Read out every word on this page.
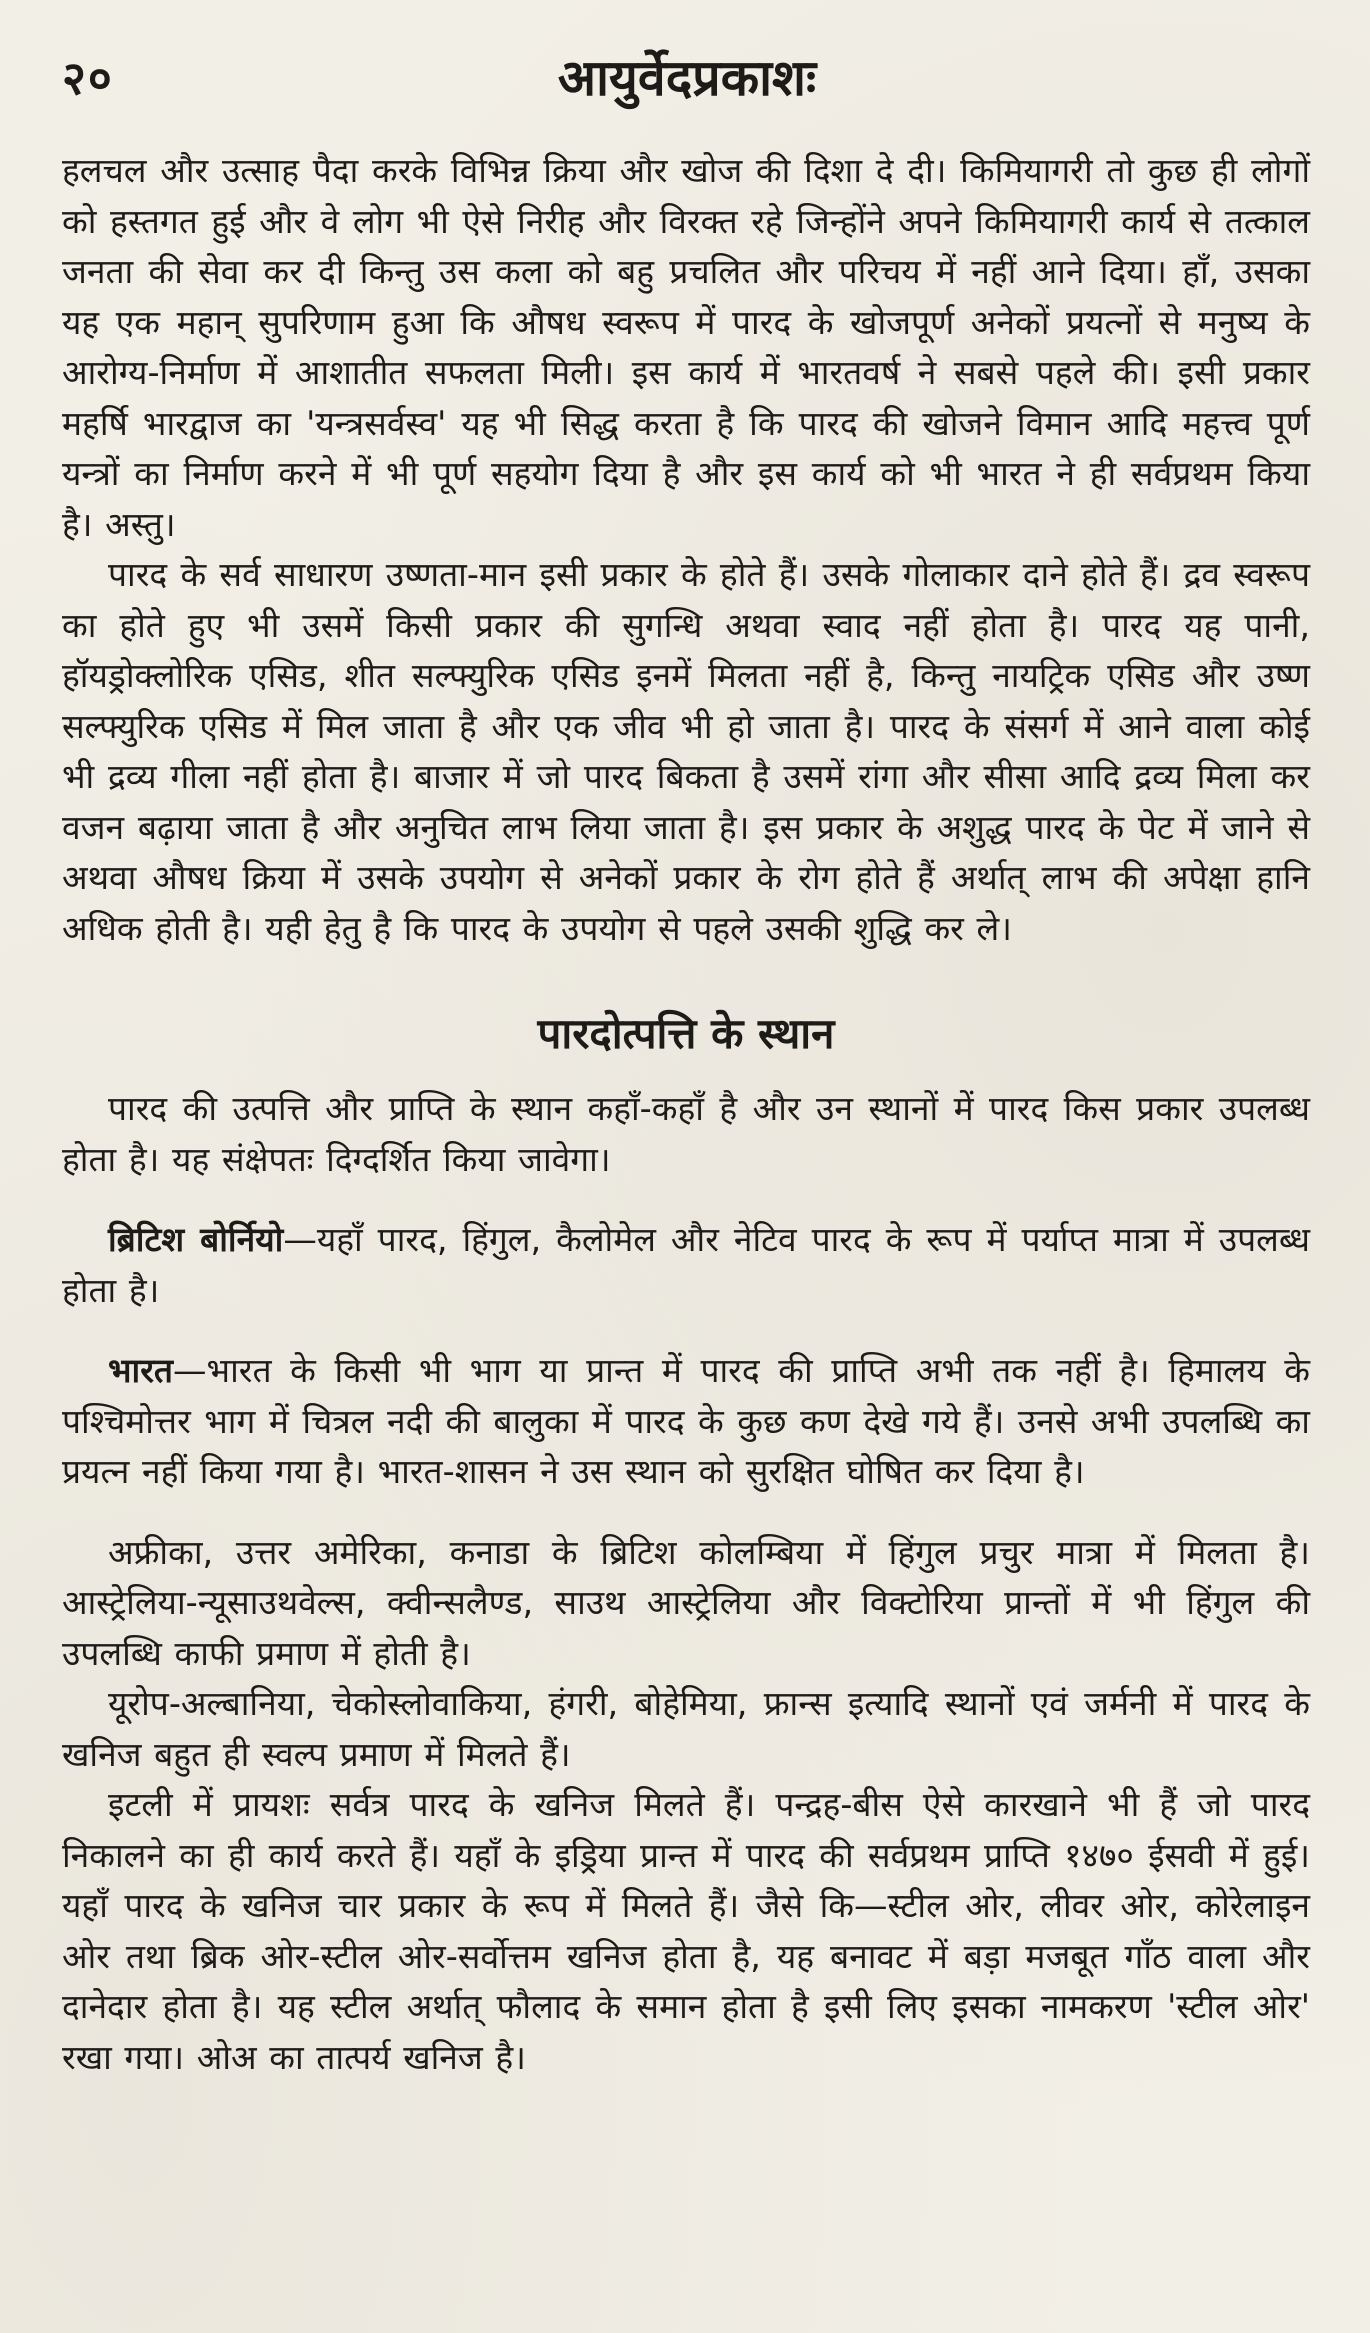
२०	आयुर्वेदप्रकाशः

हलचल और उत्साह पैदा करके विभिन्न क्रिया और खोज की दिशा दे दी। किमियागरी तो कुछ ही लोगों को हस्तगत हुई और वे लोग भी ऐसे निरीह और विरक्त रहे जिन्होंने अपने किमियागरी कार्य से तत्काल जनता की सेवा कर दी किन्तु उस कला को बहु प्रचलित और परिचय में नहीं आने दिया। हाँ, उसका यह एक महान् सुपरिणाम हुआ कि औषध स्वरूप में पारद के खोजपूर्ण अनेकों प्रयत्नों से मनुष्य के आरोग्य-निर्माण में आशातीत सफलता मिली। इस कार्य में भारतवर्ष ने सबसे पहले की। इसी प्रकार महर्षि भारद्वाज का 'यन्त्रसर्वस्व' यह भी सिद्ध करता है कि पारद की खोजने विमान आदि महत्त्व पूर्ण यन्त्रों का निर्माण करने में भी पूर्ण सहयोग दिया है और इस कार्य को भी भारत ने ही सर्वप्रथम किया है। अस्तु।

पारद के सर्व साधारण उष्णता-मान इसी प्रकार के होते हैं। उसके गोलाकार दाने होते हैं। द्रव स्वरूप का होते हुए भी उसमें किसी प्रकार की सुगन्धि अथवा स्वाद नहीं होता है। पारद यह पानी, हॉयड्रोक्लोरिक एसिड, शीत सल्फ्युरिक एसिड इनमें मिलता नहीं है, किन्तु नायट्रिक एसिड और उष्ण सल्फ्युरिक एसिड में मिल जाता है और एक जीव भी हो जाता है। पारद के संसर्ग में आने वाला कोई भी द्रव्य गीला नहीं होता है। बाजार में जो पारद बिकता है उसमें रांगा और सीसा आदि द्रव्य मिला कर वजन बढ़ाया जाता है और अनुचित लाभ लिया जाता है। इस प्रकार के अशुद्ध पारद के पेट में जाने से अथवा औषध क्रिया में उसके उपयोग से अनेकों प्रकार के रोग होते हैं अर्थात् लाभ की अपेक्षा हानि अधिक होती है। यही हेतु है कि पारद के उपयोग से पहले उसकी शुद्धि कर ले।

पारदोत्पत्ति के स्थान

पारद की उत्पत्ति और प्राप्ति के स्थान कहाँ-कहाँ है और उन स्थानों में पारद किस प्रकार उपलब्ध होता है। यह संक्षेपतः दिग्दर्शित किया जावेगा।

ब्रिटिश बोर्नियो—यहाँ पारद, हिंगुल, कैलोमेल और नेटिव पारद के रूप में पर्याप्त मात्रा में उपलब्ध होता है।

भारत—भारत के किसी भी भाग या प्रान्त में पारद की प्राप्ति अभी तक नहीं है। हिमालय के पश्चिमोत्तर भाग में चित्रल नदी की बालुका में पारद के कुछ कण देखे गये हैं। उनसे अभी उपलब्धि का प्रयत्न नहीं किया गया है। भारत-शासन ने उस स्थान को सुरक्षित घोषित कर दिया है।

अफ्रीका, उत्तर अमेरिका, कनाडा के ब्रिटिश कोलम्बिया में हिंगुल प्रचुर मात्रा में मिलता है। आस्ट्रेलिया-न्यूसाउथवेल्स, क्वीन्सलैण्ड, साउथ आस्ट्रेलिया और विक्टोरिया प्रान्तों में भी हिंगुल की उपलब्धि काफी प्रमाण में होती है।

यूरोप-अल्बानिया, चेकोस्लोवाकिया, हंगरी, बोहेमिया, फ्रान्स इत्यादि स्थानों एवं जर्मनी में पारद के खनिज बहुत ही स्वल्प प्रमाण में मिलते हैं।

इटली में प्रायशः सर्वत्र पारद के खनिज मिलते हैं। पन्द्रह-बीस ऐसे कारखाने भी हैं जो पारद निकालने का ही कार्य करते हैं। यहाँ के इड्रिया प्रान्त में पारद की सर्वप्रथम प्राप्ति १४७० ईसवी में हुई। यहाँ पारद के खनिज चार प्रकार के रूप में मिलते हैं। जैसे कि—स्टील ओर, लीवर ओर, कोरेलाइन ओर तथा ब्रिक ओर-स्टील ओर-सर्वोत्तम खनिज होता है, यह बनावट में बड़ा मजबूत गाँठ वाला और दानेदार होता है। यह स्टील अर्थात् फौलाद के समान होता है इसी लिए इसका नामकरण 'स्टील ओर' रखा गया। ओअ का तात्पर्य खनिज है।
